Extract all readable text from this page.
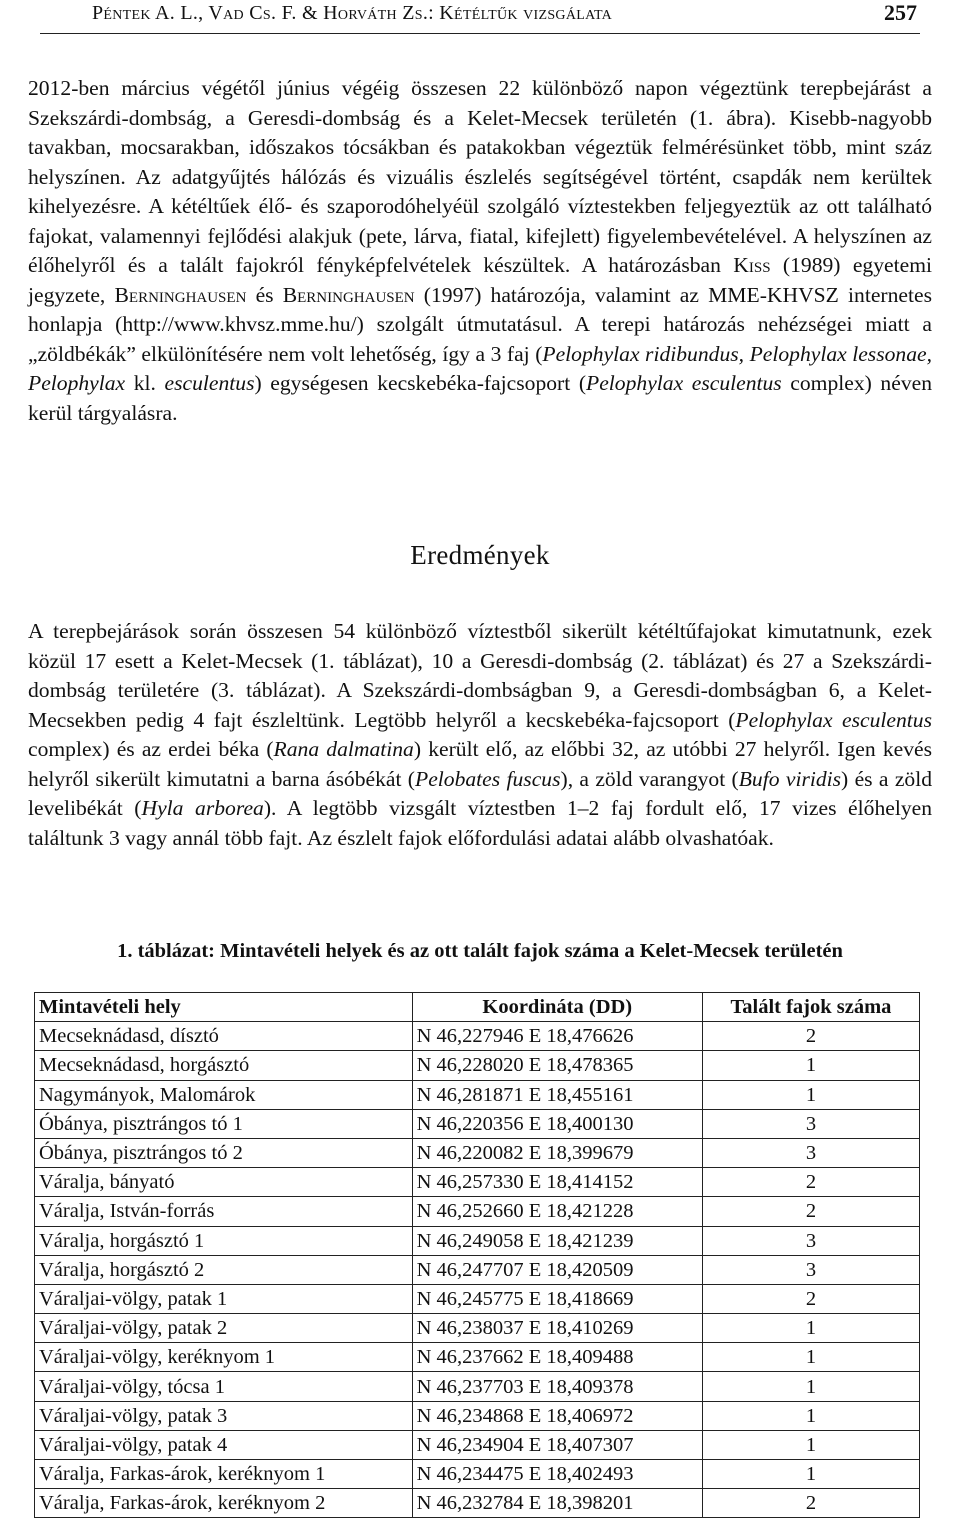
Péntek A. L., Vad Cs. F. & Horváth Zs.: Kétéltűk vizsgálata	257

2012-ben március végétől június végéig összesen 22 különböző napon végeztünk terepbejárást a Szekszárdi-dombság, a Geresdi-dombság és a Kelet-Mecsek területén (1. ábra). Kisebb-nagyobb tavakban, mocsarakban, időszakos tócsákban és patakokban végeztük felmérésünket több, mint száz helyszínen. Az adatgyűjtés hálózás és vizuális észlelés segítségével történt, csapdák nem kerültek kihelyezésre. A kétéltűek élő- és szaporodóhelyéül szolgáló víztestekben feljegyeztük az ott található fajokat, valamennyi fejlődési alakjuk (pete, lárva, fiatal, kifejlett) figyelembevételével. A helyszínen az élőhelyről és a talált fajokról fényképfelvételek készültek. A határozásban Kiss (1989) egyetemi jegyzete, Berninghausen és Berninghausen (1997) határozója, valamint az MME-KHVSZ internetes honlapja (http://www.khvsz.mme.hu/) szolgált útmutatásul. A terepi határozás nehézségei miatt a „zöldbékák” elkülönítésére nem volt lehetőség, így a 3 faj (Pelophylax ridibundus, Pelophylax lessonae, Pelophylax kl. esculentus) egységesen kecskebéka-fajcsoport (Pelophylax esculentus complex) néven kerül tárgyalásra.

Eredmények

A terepbejárások során összesen 54 különböző víztestből sikerült kétéltűfajokat kimutatnunk, ezek közül 17 esett a Kelet-Mecsek (1. táblázat), 10 a Geresdi-dombság (2. táblázat) és 27 a Szekszárdi-dombság területére (3. táblázat). A Szekszárdi-dombságban 9, a Geresdi-dombságban 6, a Kelet-Mecsekben pedig 4 fajt észleltünk. Legtöbb helyről a kecskebéka-fajcsoport (Pelophylax esculentus complex) és az erdei béka (Rana dalmatina) került elő, az előbbi 32, az utóbbi 27 helyről. Igen kevés helyről sikerült kimutatni a barna ásóbékát (Pelobates fuscus), a zöld varangyot (Bufo viridis) és a zöld levelibékát (Hyla arborea). A legtöbb vizsgált víztestben 1–2 faj fordult elő, 17 vizes élőhelyen találtunk 3 vagy annál több fajt. Az észlelt fajok előfordulási adatai alább olvashatóak.

1. táblázat: Mintavételi helyek és az ott talált fajok száma a Kelet-Mecsek területén
Mintavételi hely	Koordináta (DD)	Talált fajok száma
Mecseknádasd, dísztó	N 46,227946 E 18,476626	2
Mecseknádasd, horgásztó	N 46,228020 E 18,478365	1
Nagymányok, Malomárok	N 46,281871 E 18,455161	1
Óbánya, pisztrángos tó 1	N 46,220356 E 18,400130	3
Óbánya, pisztrángos tó 2	N 46,220082 E 18,399679	3
Váralja, bányató	N 46,257330 E 18,414152	2
Váralja, István-forrás	N 46,252660 E 18,421228	2
Váralja, horgásztó 1	N 46,249058 E 18,421239	3
Váralja, horgásztó 2	N 46,247707 E 18,420509	3
Váraljai-völgy, patak 1	N 46,245775 E 18,418669	2
Váraljai-völgy, patak 2	N 46,238037 E 18,410269	1
Váraljai-völgy, keréknyom 1	N 46,237662 E 18,409488	1
Váraljai-völgy, tócsa 1	N 46,237703 E 18,409378	1
Váraljai-völgy, patak 3	N 46,234868 E 18,406972	1
Váraljai-völgy, patak 4	N 46,234904 E 18,407307	1
Váralja, Farkas-árok, keréknyom 1	N 46,234475 E 18,402493	1
Váralja, Farkas-árok, keréknyom 2	N 46,232784 E 18,398201	2
